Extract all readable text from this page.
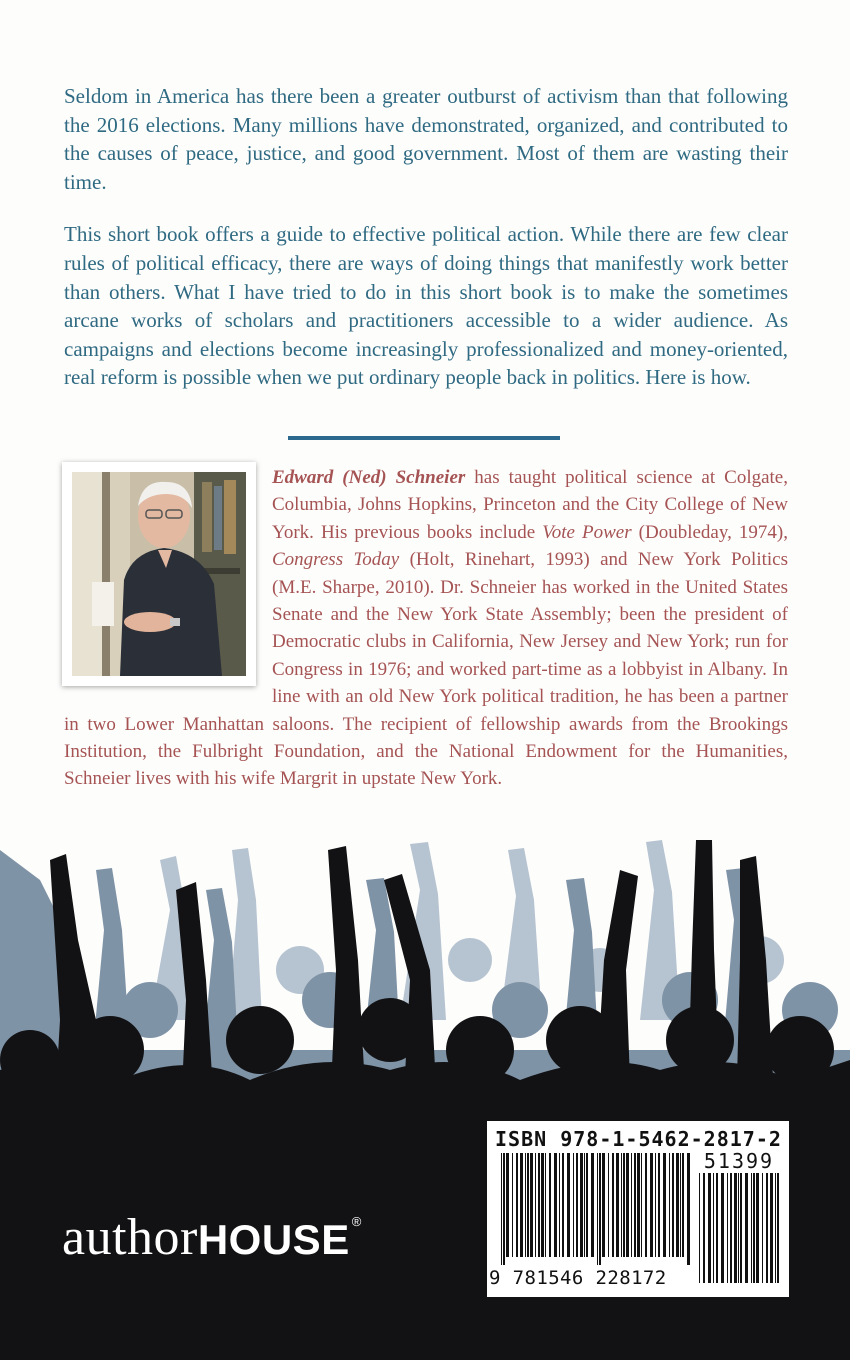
Seldom in America has there been a greater outburst of activism than that following the 2016 elections. Many millions have demonstrated, organized, and contributed to the causes of peace, justice, and good government. Most of them are wasting their time.

This short book offers a guide to effective political action. While there are few clear rules of political efficacy, there are ways of doing things that manifestly work better than others. What I have tried to do in this short book is to make the sometimes arcane works of scholars and practitioners accessible to a wider audience. As campaigns and elections become increasingly professionalized and money-oriented, real reform is possible when we put ordinary people back in politics. Here is how.

Edward (Ned) Schneier has taught political science at Colgate, Columbia, Johns Hopkins, Princeton and the City College of New York. His previous books include Vote Power (Doubleday, 1974), Congress Today (Holt, Rinehart, 1993) and New York Politics (M.E. Sharpe, 2010). Dr. Schneier has worked in the United States Senate and the New York State Assembly; been the president of Democratic clubs in California, New Jersey and New York; run for Congress in 1976; and worked part-time as a lobbyist in Albany. In line with an old New York political tradition, he has been a partner in two Lower Manhattan saloons. The recipient of fellowship awards from the Brookings Institution, the Fulbright Foundation, and the National Endowment for the Humanities, Schneier lives with his wife Margrit in upstate New York.
authorHOUSE ®
ISBN 978-1-5462-2817-2
51399
9 781546 228172
